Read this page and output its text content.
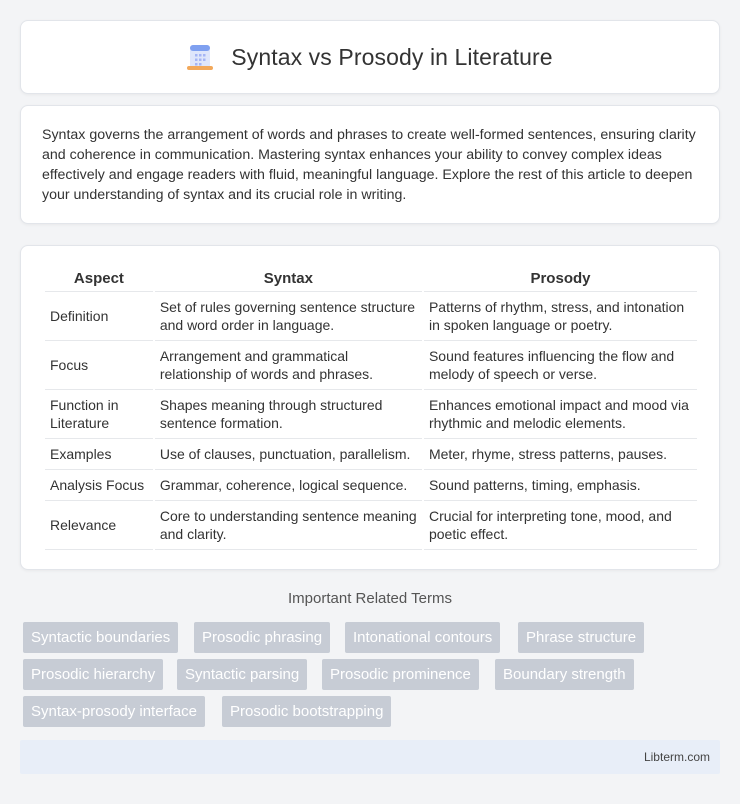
Syntax vs Prosody in Literature

Syntax governs the arrangement of words and phrases to create well-formed sentences, ensuring clarity and coherence in communication. Mastering syntax enhances your ability to convey complex ideas effectively and engage readers with fluid, meaningful language. Explore the rest of this article to deepen your understanding of syntax and its crucial role in writing.

Aspect	Syntax	Prosody
Definition	Set of rules governing sentence structure and word order in language.	Patterns of rhythm, stress, and intonation in spoken language or poetry.
Focus	Arrangement and grammatical relationship of words and phrases.	Sound features influencing the flow and melody of speech or verse.
Function in Literature	Shapes meaning through structured sentence formation.	Enhances emotional impact and mood via rhythmic and melodic elements.
Examples	Use of clauses, punctuation, parallelism.	Meter, rhyme, stress patterns, pauses.
Analysis Focus	Grammar, coherence, logical sequence.	Sound patterns, timing, emphasis.
Relevance	Core to understanding sentence meaning and clarity.	Crucial for interpreting tone, mood, and poetic effect.
Important Related Terms
Syntactic boundaries	Prosodic phrasing	Intonational contours	Phrase structure
Prosodic hierarchy	Syntactic parsing	Prosodic prominence	Boundary strength
Syntax-prosody interface	Prosodic bootstrapping
Libterm.com
